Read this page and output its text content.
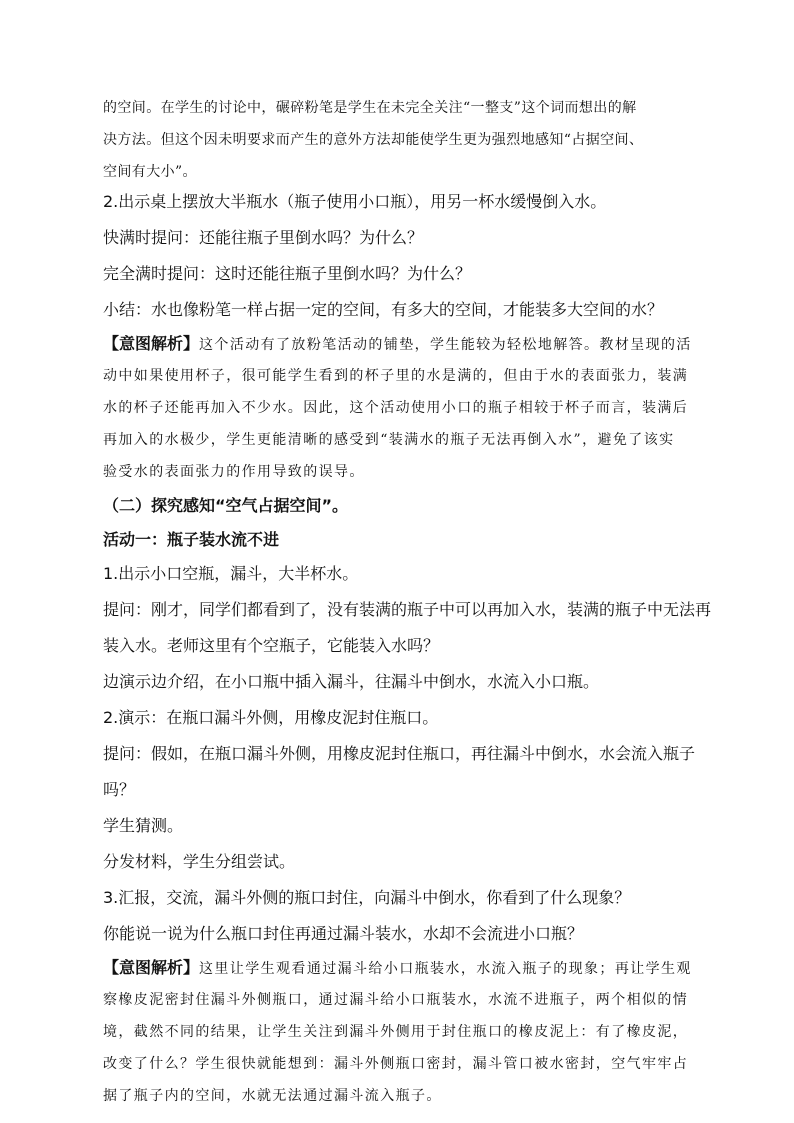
的空间。在学生的讨论中，碾碎粉笔是学生在未完全关注“一整支”这个词而想出的解
决方法。但这个因未明要求而产生的意外方法却能使学生更为强烈地感知“占据空间、
空间有大小”。
2.出示桌上摆放大半瓶水（瓶子使用小口瓶），用另一杯水缓慢倒入水。
快满时提问：还能往瓶子里倒水吗？为什么？
完全满时提问：这时还能往瓶子里倒水吗？为什么？
小结：水也像粉笔一样占据一定的空间，有多大的空间，才能装多大空间的水？
【意图解析】这个活动有了放粉笔活动的铺垫，学生能较为轻松地解答。教材呈现的活
动中如果使用杯子，很可能学生看到的杯子里的水是满的，但由于水的表面张力，装满
水的杯子还能再加入不少水。因此，这个活动使用小口的瓶子相较于杯子而言，装满后
再加入的水极少，学生更能清晰的感受到“装满水的瓶子无法再倒入水”，避免了该实
验受水的表面张力的作用导致的误导。
（二）探究感知“空气占据空间”。
活动一：瓶子装水流不进
1.出示小口空瓶，漏斗，大半杯水。
提问：刚才，同学们都看到了，没有装满的瓶子中可以再加入水，装满的瓶子中无法再
装入水。老师这里有个空瓶子，它能装入水吗？
边演示边介绍，在小口瓶中插入漏斗，往漏斗中倒水，水流入小口瓶。
2.演示：在瓶口漏斗外侧，用橡皮泥封住瓶口。
提问：假如，在瓶口漏斗外侧，用橡皮泥封住瓶口，再往漏斗中倒水，水会流入瓶子
吗？
学生猜测。
分发材料，学生分组尝试。
3.汇报，交流，漏斗外侧的瓶口封住，向漏斗中倒水，你看到了什么现象？
你能说一说为什么瓶口封住再通过漏斗装水，水却不会流进小口瓶？
【意图解析】这里让学生观看通过漏斗给小口瓶装水，水流入瓶子的现象；再让学生观
察橡皮泥密封住漏斗外侧瓶口，通过漏斗给小口瓶装水，水流不进瓶子，两个相似的情
境，截然不同的结果，让学生关注到漏斗外侧用于封住瓶口的橡皮泥上：有了橡皮泥，
改变了什么？学生很快就能想到：漏斗外侧瓶口密封，漏斗管口被水密封，空气牢牢占
据了瓶子内的空间，水就无法通过漏斗流入瓶子。
